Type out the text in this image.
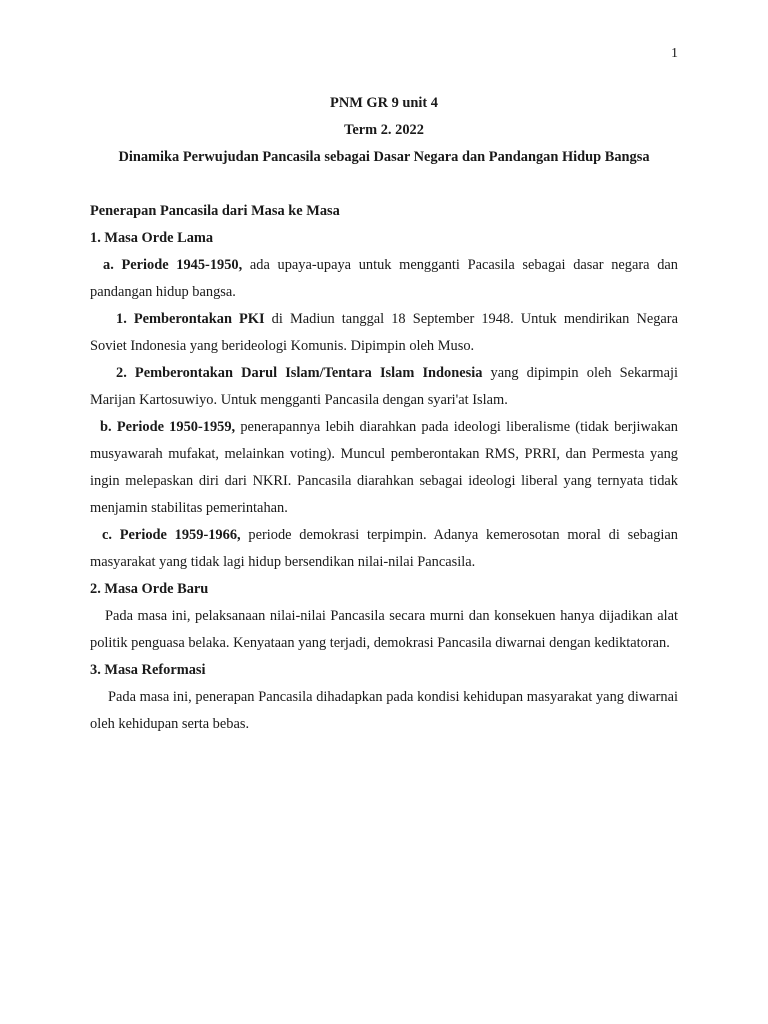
1
PNM GR 9 unit 4
Term 2. 2022
Dinamika Perwujudan Pancasila sebagai Dasar Negara dan Pandangan Hidup Bangsa
Penerapan Pancasila dari Masa ke Masa
1. Masa Orde Lama

a. Periode 1945-1950, ada upaya-upaya untuk mengganti Pacasila sebagai dasar negara dan pandangan hidup bangsa.

1. Pemberontakan PKI di Madiun tanggal 18 September 1948. Untuk mendirikan Negara Soviet Indonesia yang berideologi Komunis. Dipimpin oleh Muso.

2. Pemberontakan Darul Islam/Tentara Islam Indonesia yang dipimpin oleh Sekarmaji Marijan Kartosuwiyo. Untuk mengganti Pancasila dengan syari'at Islam.

b. Periode 1950-1959, penerapannya lebih diarahkan pada ideologi liberalisme (tidak berjiwakan musyawarah mufakat, melainkan voting). Muncul pemberontakan RMS, PRRI, dan Permesta yang ingin melepaskan diri dari NKRI. Pancasila diarahkan sebagai ideologi liberal yang ternyata tidak menjamin stabilitas pemerintahan.

c. Periode 1959-1966, periode demokrasi terpimpin. Adanya kemerosotan moral di sebagian masyarakat yang tidak lagi hidup bersendikan nilai-nilai Pancasila.

2. Masa Orde Baru

Pada masa ini, pelaksanaan nilai-nilai Pancasila secara murni dan konsekuen hanya dijadikan alat politik penguasa belaka. Kenyataan yang terjadi, demokrasi Pancasila diwarnai dengan kediktatoran.

3. Masa Reformasi

Pada masa ini, penerapan Pancasila dihadapkan pada kondisi kehidupan masyarakat yang diwarnai oleh kehidupan serta bebas.
